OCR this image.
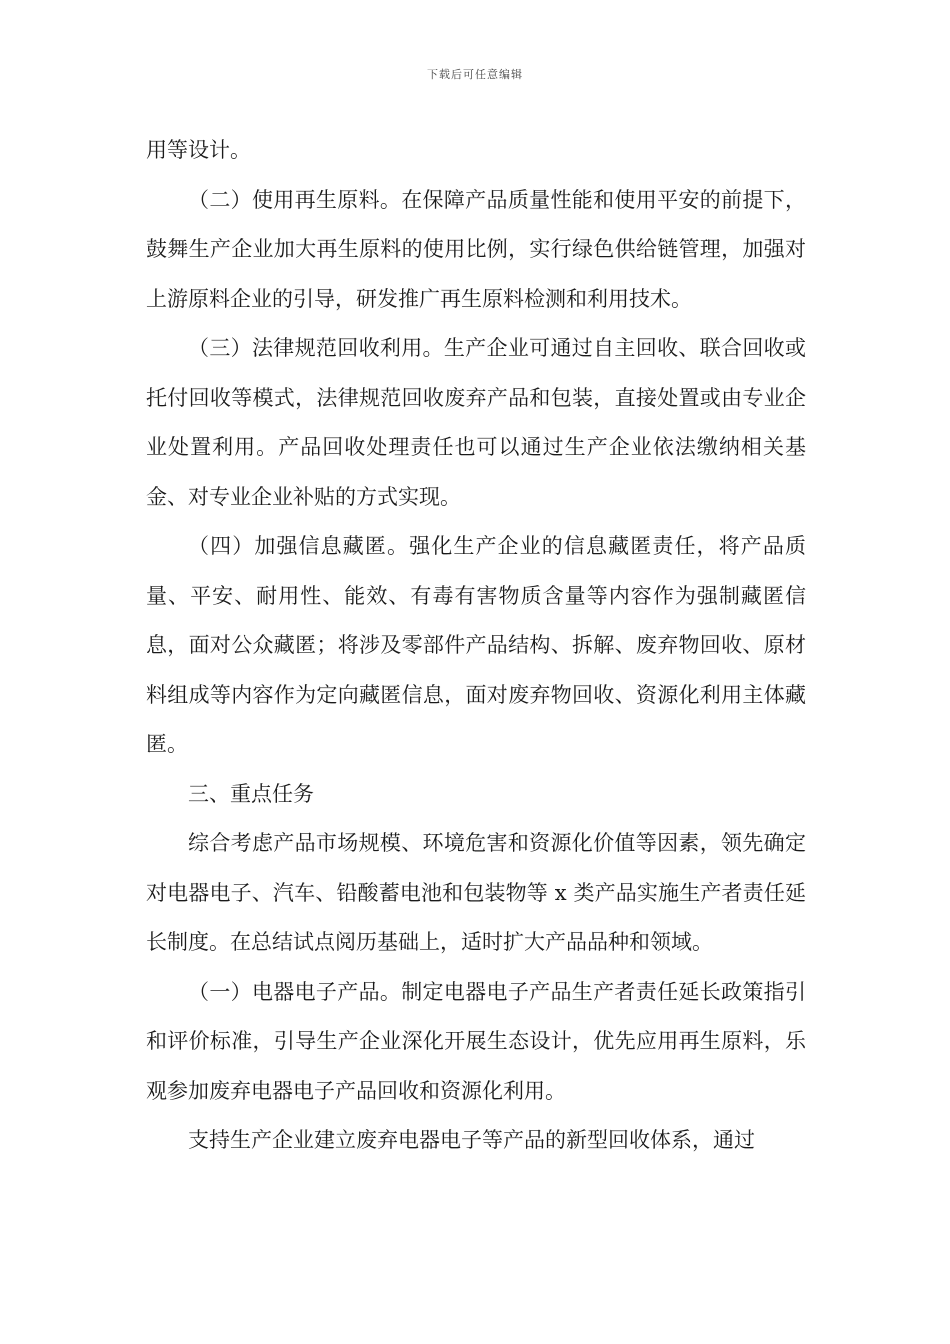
下载后可任意编辑

用等设计。

（二）使用再生原料。在保障产品质量性能和使用平安的前提下，鼓舞生产企业加大再生原料的使用比例，实行绿色供给链管理，加强对上游原料企业的引导，研发推广再生原料检测和利用技术。

（三）法律规范回收利用。生产企业可通过自主回收、联合回收或托付回收等模式，法律规范回收废弃产品和包装，直接处置或由专业企业处置利用。产品回收处理责任也可以通过生产企业依法缴纳相关基金、对专业企业补贴的方式实现。

（四）加强信息藏匿。强化生产企业的信息藏匿责任，将产品质量、平安、耐用性、能效、有毒有害物质含量等内容作为强制藏匿信息，面对公众藏匿；将涉及零部件产品结构、拆解、废弃物回收、原材料组成等内容作为定向藏匿信息，面对废弃物回收、资源化利用主体藏匿。

三、重点任务

综合考虑产品市场规模、环境危害和资源化价值等因素，领先确定对电器电子、汽车、铅酸蓄电池和包装物等 x 类产品实施生产者责任延长制度。在总结试点阅历基础上，适时扩大产品品种和领域。

（一）电器电子产品。制定电器电子产品生产者责任延长政策指引和评价标准，引导生产企业深化开展生态设计，优先应用再生原料，乐观参加废弃电器电子产品回收和资源化利用。

支持生产企业建立废弃电器电子等产品的新型回收体系，通过
